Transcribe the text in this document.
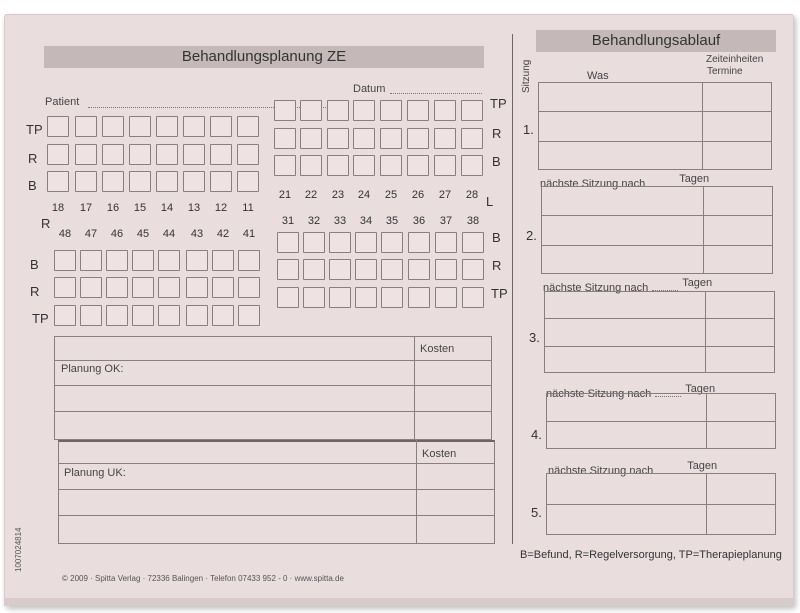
Behandlungsplanung ZE
Patient
Datum
TP
R
B
TP
R
B
R
L
B
R
TP
B
R
TP
18	17	16	15	14	13	12	11
21	22	23	24	25	26	27	28
48	47	46	45	44	43	42	41
31	32	33	34	35	36	37	38
Kosten
Planung OK:
Kosten
Planung UK:
© 2009 · Spitta Verlag · 72336 Balingen · Telefon 07433 952 - 0 · www.spitta.de
1007024814
Behandlungsablauf
Sitzung	Was
Zeiteinheiten
Termine
1.
nächste Sitzung nach	Tagen
2.
nächste Sitzung nach	Tagen
3.
nächste Sitzung nach	Tagen
4.
nächste Sitzung nach	Tagen
5.
B=Befund, R=Regelversorgung, TP=Therapieplanung
